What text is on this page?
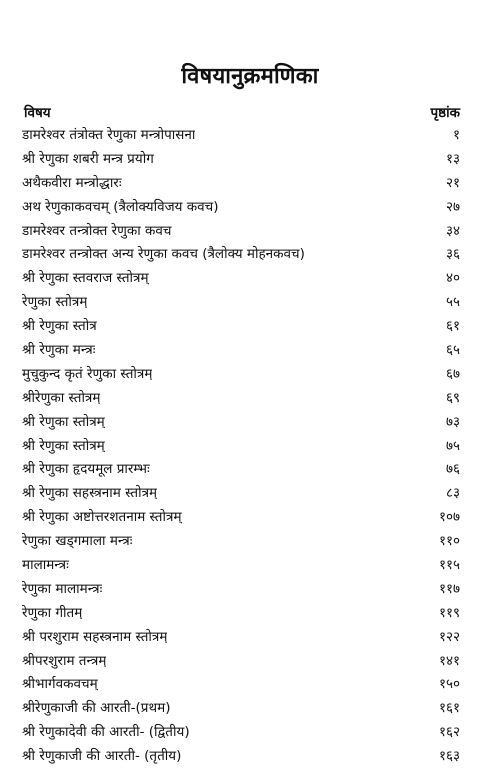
विषयानुक्रमणिका
विषय	पृष्ठांक
डामरेश्वर तंत्रोक्त रेणुका मन्त्रोपासना	१
श्री रेणुका शबरी मन्त्र प्रयोग	१३
अथैकवीरा मन्त्रोद्धारः	२१
अथ रेणुकाकवचम् (त्रैलोक्यविजय कवच)	२७
डामरेश्वर तन्त्रोक्त रेणुका कवच	३४
डामरेश्वर तन्त्रोक्त अन्य रेणुका कवच (त्रैलोक्य मोहनकवच)	३६
श्री रेणुका स्तवराज स्तोत्रम्	४०
रेणुका स्तोत्रम्	५५
श्री रेणुका स्तोत्र	६१
श्री रेणुका मन्त्रः	६५
मुचुकुन्द कृतं रेणुका स्तोत्रम्	६७
श्रीरेणुका स्तोत्रम्	६९
श्री रेणुका स्तोत्रम्	७३
श्री रेणुका स्तोत्रम्	७५
श्री रेणुका हृदयमूल प्रारम्भः	७६
श्री रेणुका सहस्त्रनाम स्तोत्रम्	८३
श्री रेणुका अष्टोत्तरशतनाम स्तोत्रम्	१०७
रेणुका खड्गमाला मन्त्रः	११०
मालामन्त्रः	११५
रेणुका मालामन्त्रः	११७
रेणुका गीतम्	११९
श्री परशुराम सहस्त्रनाम स्तोत्रम्	१२२
श्रीपरशुराम तन्त्रम्	१४१
श्रीभार्गवकवचम्	१५०
श्रीरेणुकाजी की आरती-(प्रथम)	१६१
श्री रेणुकादेवी की आरती- (द्वितीय)	१६२
श्री रेणुकाजी की आरती- (तृतीय)	१६३
